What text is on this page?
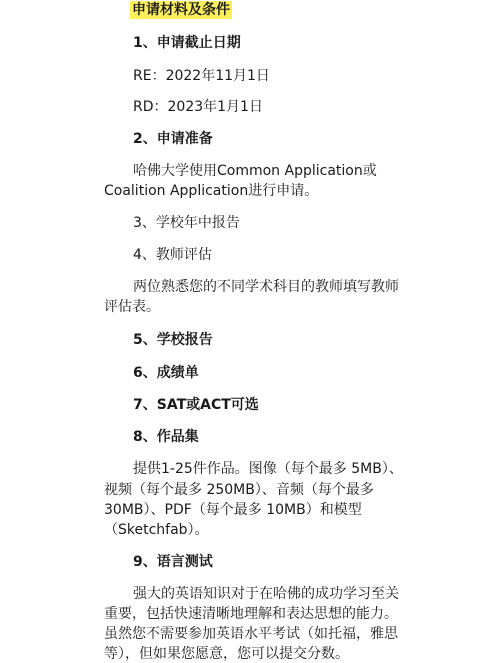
申请材料及条件
1、申请截止日期
RE：2022年11月1日
RD：2023年1月1日
2、申请准备
哈佛大学使用Common Application或
Coalition Application进行申请。
3、学校年中报告
4、教师评估
两位熟悉您的不同学术科目的教师填写教师
评估表。
5、学校报告
6、成绩单
7、SAT或ACT可选
8、作品集
提供1-25件作品。图像（每个最多 5MB）、
视频（每个最多 250MB）、音频（每个最多
30MB）、PDF（每个最多 10MB）和模型
（Sketchfab）。
9、语言测试
强大的英语知识对于在哈佛的成功学习至关
重要，包括快速清晰地理解和表达思想的能力。
虽然您不需要参加英语水平考试（如托福，雅思
等），但如果您愿意，您可以提交分数。
